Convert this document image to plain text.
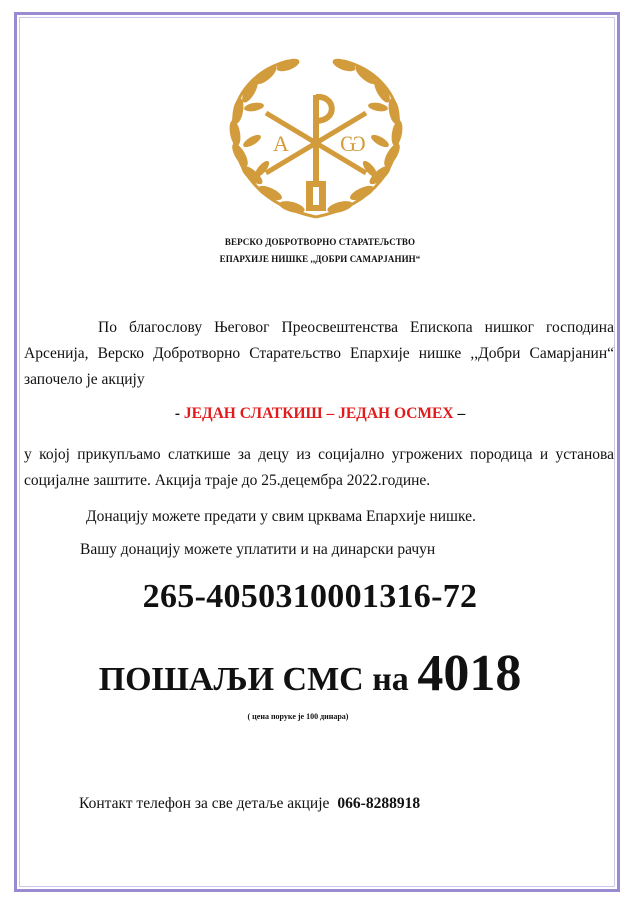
А Ѡ
ВЕРСКО ДОБРОТВОРНО СТАРАТЕЉСТВО
ЕПАРХИЈЕ НИШКЕ ,,ДОБРИ САМАРЈАНИН“
По благослову Његовог Преосвештенства Епископа нишког господина Арсенија, Верско Добротворно Старатељство Епархије нишке ,,Добри Самарјанин“ започело је акцију
- ЈЕДАН СЛАТКИШ – ЈЕДАН ОСМЕХ –
у којој прикупљамо слаткише за децу из социјално угрожених породица и установа социјалне заштите. Акција траје до 25.децембра 2022.године.
Донацију можете предати у свим црквама Епархије нишке.
Вашу донацију можете уплатити и на динарски рачун
265-4050310001316-72
ПОШАЉИ СМС на 4018
( цена поруке је 100 динара)
Контакт телефон за све детаље акције 066-8288918
